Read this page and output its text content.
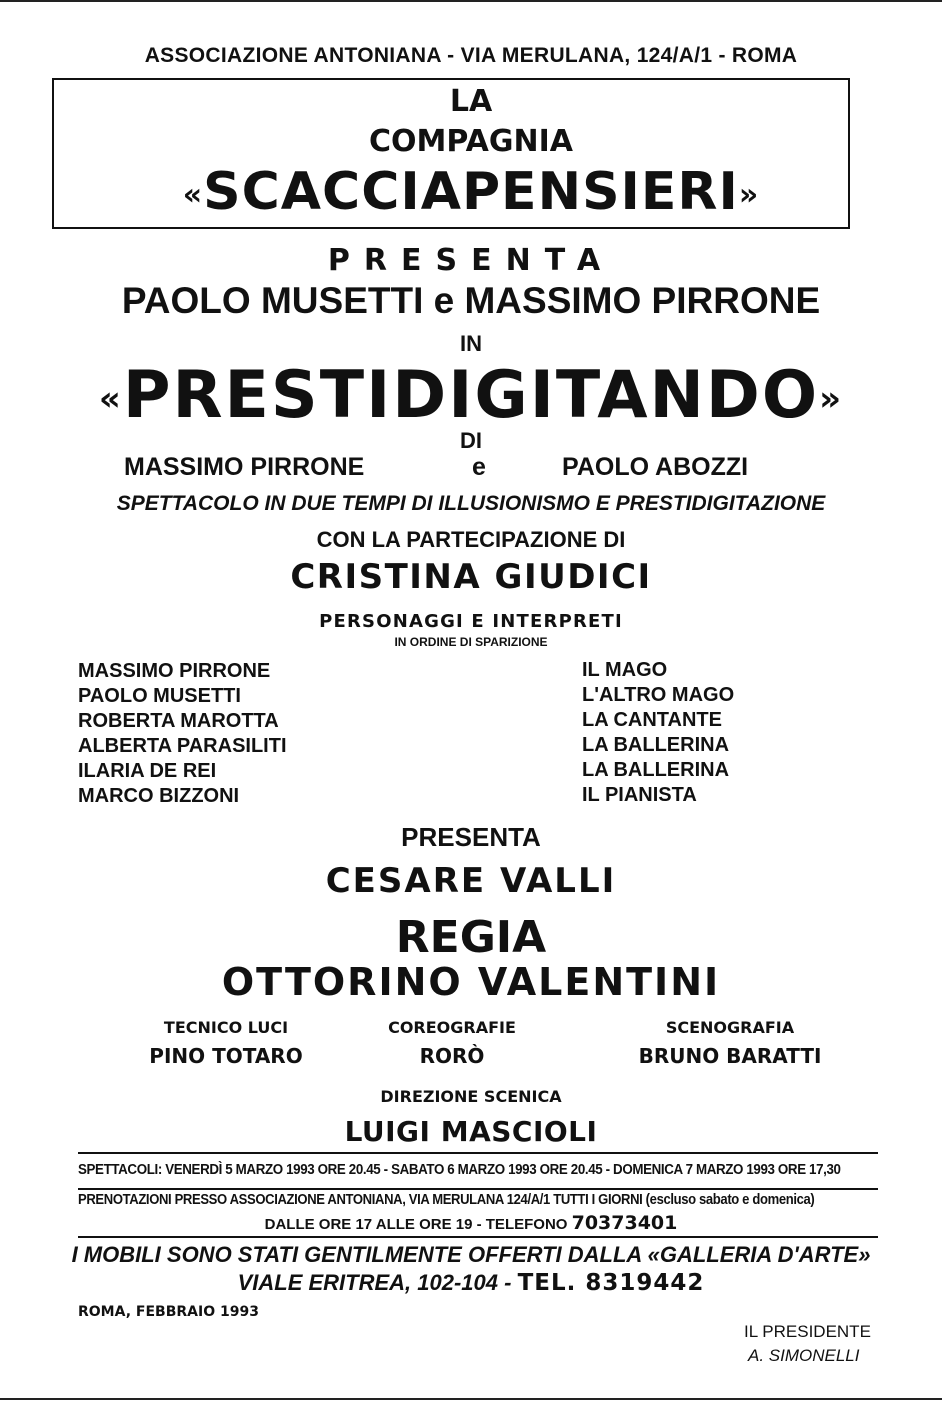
ASSOCIAZIONE ANTONIANA - VIA MERULANA, 124/A/1 - ROMA
LA
COMPAGNIA
«SCACCIAPENSIERI»
PRESENTA
PAOLO MUSETTI e MASSIMO PIRRONE
IN
«PRESTIDIGITANDO»
DI
MASSIMO PIRRONE	e	PAOLO ABOZZI
SPETTACOLO IN DUE TEMPI DI ILLUSIONISMO E PRESTIDIGITAZIONE
CON LA PARTECIPAZIONE DI
CRISTINA GIUDICI
PERSONAGGI E INTERPRETI
IN ORDINE DI SPARIZIONE
MASSIMO PIRRONE
PAOLO MUSETTI
ROBERTA MAROTTA
ALBERTA PARASILITI
ILARIA DE REI
MARCO BIZZONI
IL MAGO
L'ALTRO MAGO
LA CANTANTE
LA BALLERINA
LA BALLERINA
IL PIANISTA
PRESENTA
CESARE VALLI
REGIA
OTTORINO VALENTINI
TECNICO LUCI
PINO TOTARO
COREOGRAFIE
RORÒ
SCENOGRAFIA
BRUNO BARATTI
DIREZIONE SCENICA
LUIGI MASCIOLI
SPETTACOLI: VENERDÌ 5 MARZO 1993 ORE 20.45 - SABATO 6 MARZO 1993 ORE 20.45 - DOMENICA 7 MARZO 1993 ORE 17,30
PRENOTAZIONI PRESSO ASSOCIAZIONE ANTONIANA, VIA MERULANA 124/A/1 TUTTI I GIORNI (escluso sabato e domenica)
DALLE ORE 17 ALLE ORE 19 - TELEFONO 70373401
I MOBILI SONO STATI GENTILMENTE OFFERTI DALLA «GALLERIA D'ARTE»
VIALE ERITREA, 102-104 - TEL. 8319442
ROMA, FEBBRAIO 1993
IL PRESIDENTE
A. SIMONELLI
